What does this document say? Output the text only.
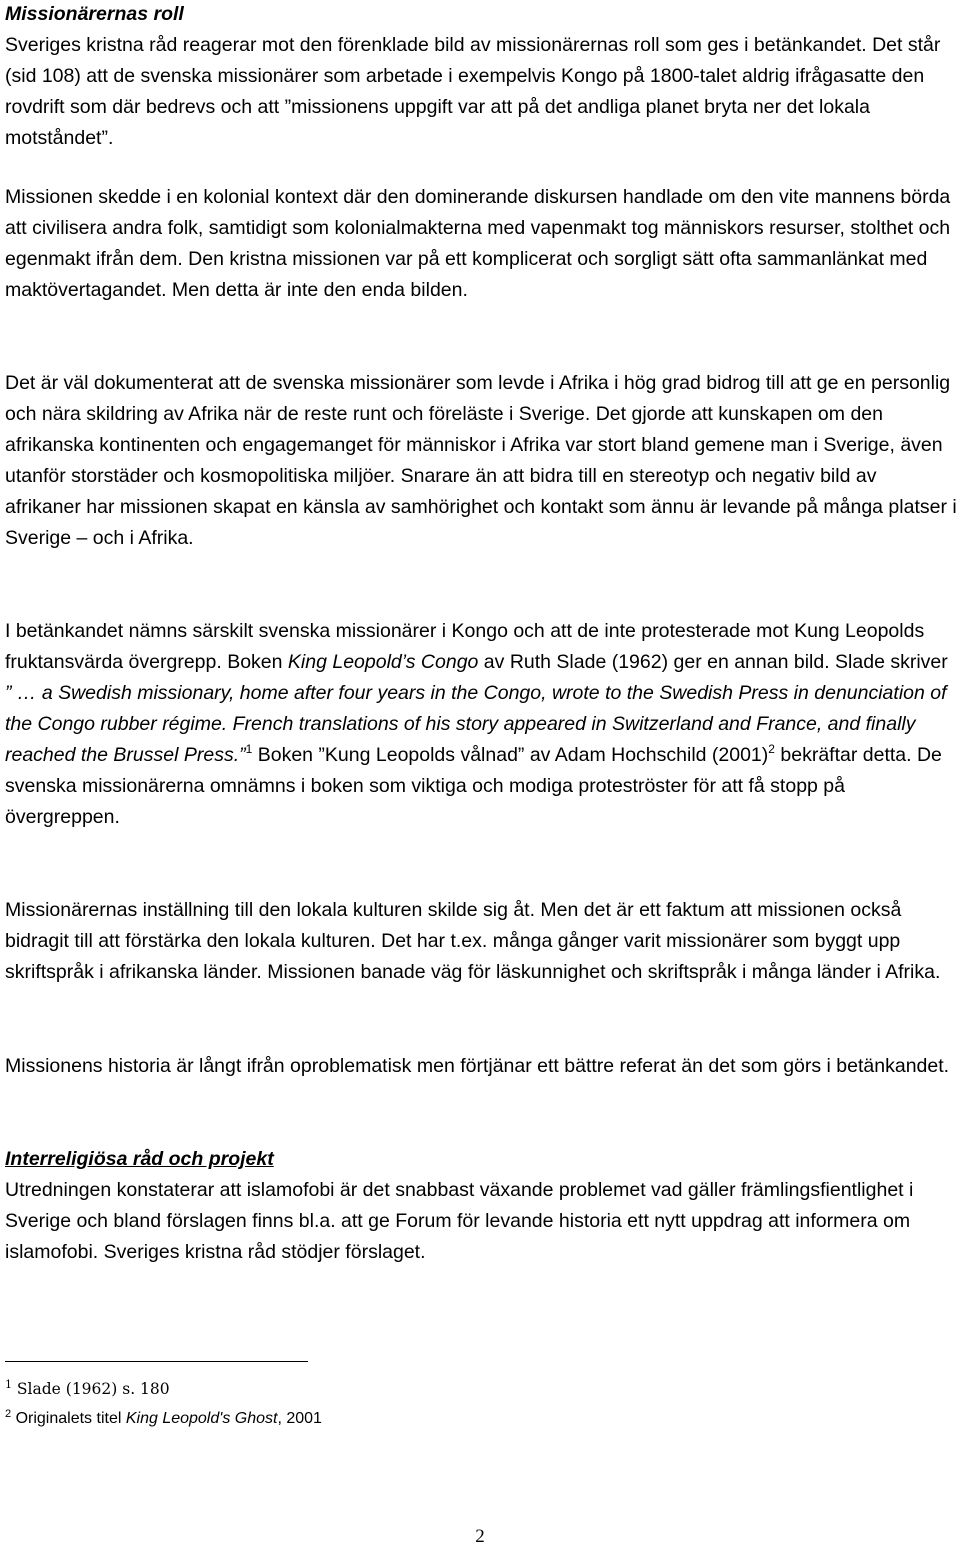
Missionärernas roll

Sveriges kristna råd reagerar mot den förenklade bild av missionärernas roll som ges i betänkandet. Det står (sid 108) att de svenska missionärer som arbetade i exempelvis Kongo på 1800-talet aldrig ifrågasatte den rovdrift som där bedrevs och att ”missionens uppgift var att på det andliga planet bryta ner det lokala motståndet”.

Missionen skedde i en kolonial kontext där den dominerande diskursen handlade om den vite mannens börda att civilisera andra folk, samtidigt som kolonialmakterna med vapenmakt tog människors resurser, stolthet och egenmakt ifrån dem. Den kristna missionen var på ett komplicerat och sorgligt sätt ofta sammanlänkat med maktövertagandet. Men detta är inte den enda bilden.

Det är väl dokumenterat att de svenska missionärer som levde i Afrika i hög grad bidrog till att ge en personlig och nära skildring av Afrika när de reste runt och föreläste i Sverige. Det gjorde att kunskapen om den afrikanska kontinenten och engagemanget för människor i Afrika var stort bland gemene man i Sverige, även utanför storstäder och kosmopolitiska miljöer. Snarare än att bidra till en stereotyp och negativ bild av afrikaner har missionen skapat en känsla av samhörighet och kontakt som ännu är levande på många platser i Sverige – och i Afrika.

I betänkandet nämns särskilt svenska missionärer i Kongo och att de inte protesterade mot Kung Leopolds fruktansvärda övergrepp. Boken King Leopold’s Congo av Ruth Slade (1962) ger en annan bild. Slade skriver ” … a Swedish missionary, home after four years in the Congo, wrote to the Swedish Press in denunciation of the Congo rubber régime. French translations of his story appeared in Switzerland and France, and finally reached the Brussel Press.”$^1$ Boken ”Kung Leopolds vålnad” av Adam Hochschild (2001)$^2$ bekräftar detta. De svenska missionärerna omnämns i boken som viktiga och modiga proteströster för att få stopp på övergreppen.

Missionärernas inställning till den lokala kulturen skilde sig åt. Men det är ett faktum att missionen också bidragit till att förstärka den lokala kulturen. Det har t.ex. många gånger varit missionärer som byggt upp skriftspråk i afrikanska länder. Missionen banade väg för läskunnighet och skriftspråk i många länder i Afrika.

Missionens historia är långt ifrån oproblematisk men förtjänar ett bättre referat än det som görs i betänkandet.

Interreligiösa råd och projekt

Utredningen konstaterar att islamofobi är det snabbast växande problemet vad gäller främlingsfientlighet i Sverige och bland förslagen finns bl.a. att ge Forum för levande historia ett nytt uppdrag att informera om islamofobi. Sveriges kristna råd stödjer förslaget.

$^1$ Slade (1962) s. 180
$^2$ Originalets titel King Leopold's Ghost, 2001
2
